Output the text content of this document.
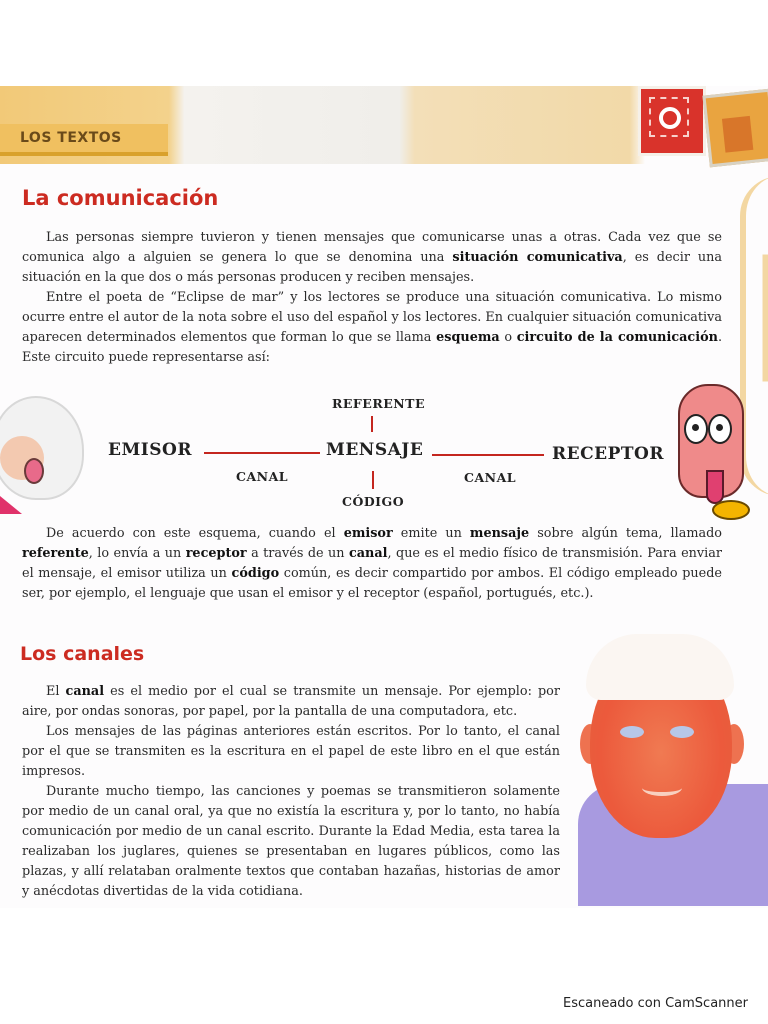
LOS TEXTOS
La comunicación

Las personas siempre tuvieron y tienen mensajes que comunicarse unas a otras. Cada vez que se comunica algo a alguien se genera lo que se denomina una situación comunicativa, es decir una situación en la que dos o más personas producen y reciben mensajes.

Entre el poeta de “Eclipse de mar” y los lectores se produce una situación comunicativa. Lo mismo ocurre entre el autor de la nota sobre el uso del español y los lectores. En cualquier situación comunicativa aparecen determinados elementos que forman lo que se llama esquema o circuito de la comunicación. Este circuito puede representarse así:

REFERENTE
EMISOR	MENSAJE	RECEPTOR
CANAL	CANAL
CÓDIGO

De acuerdo con este esquema, cuando el emisor emite un mensaje sobre algún tema, llamado referente, lo envía a un receptor a través de un canal, que es el medio físico de transmisión. Para enviar el mensaje, el emisor utiliza un código común, es decir compartido por ambos. El código empleado puede ser, por ejemplo, el lenguaje que usan el emisor y el receptor (español, portugués, etc.).

Los canales

El canal es el medio por el cual se transmite un mensaje. Por ejemplo: por aire, por ondas sonoras, por papel, por la pantalla de una computadora, etc.

Los mensajes de las páginas anteriores están escritos. Por lo tanto, el canal por el que se transmiten es la escritura en el papel de este libro en el que están impresos.

Durante mucho tiempo, las canciones y poemas se transmitieron solamente por medio de un canal oral, ya que no existía la escritura y, por lo tanto, no había comunicación por medio de un canal escrito. Durante la Edad Media, esta tarea la realizaban los juglares, quienes se presentaban en lugares públicos, como las plazas, y allí relataban oralmente textos que contaban hazañas, historias de amor y anécdotas divertidas de la vida cotidiana.

Escaneado con CamScanner
